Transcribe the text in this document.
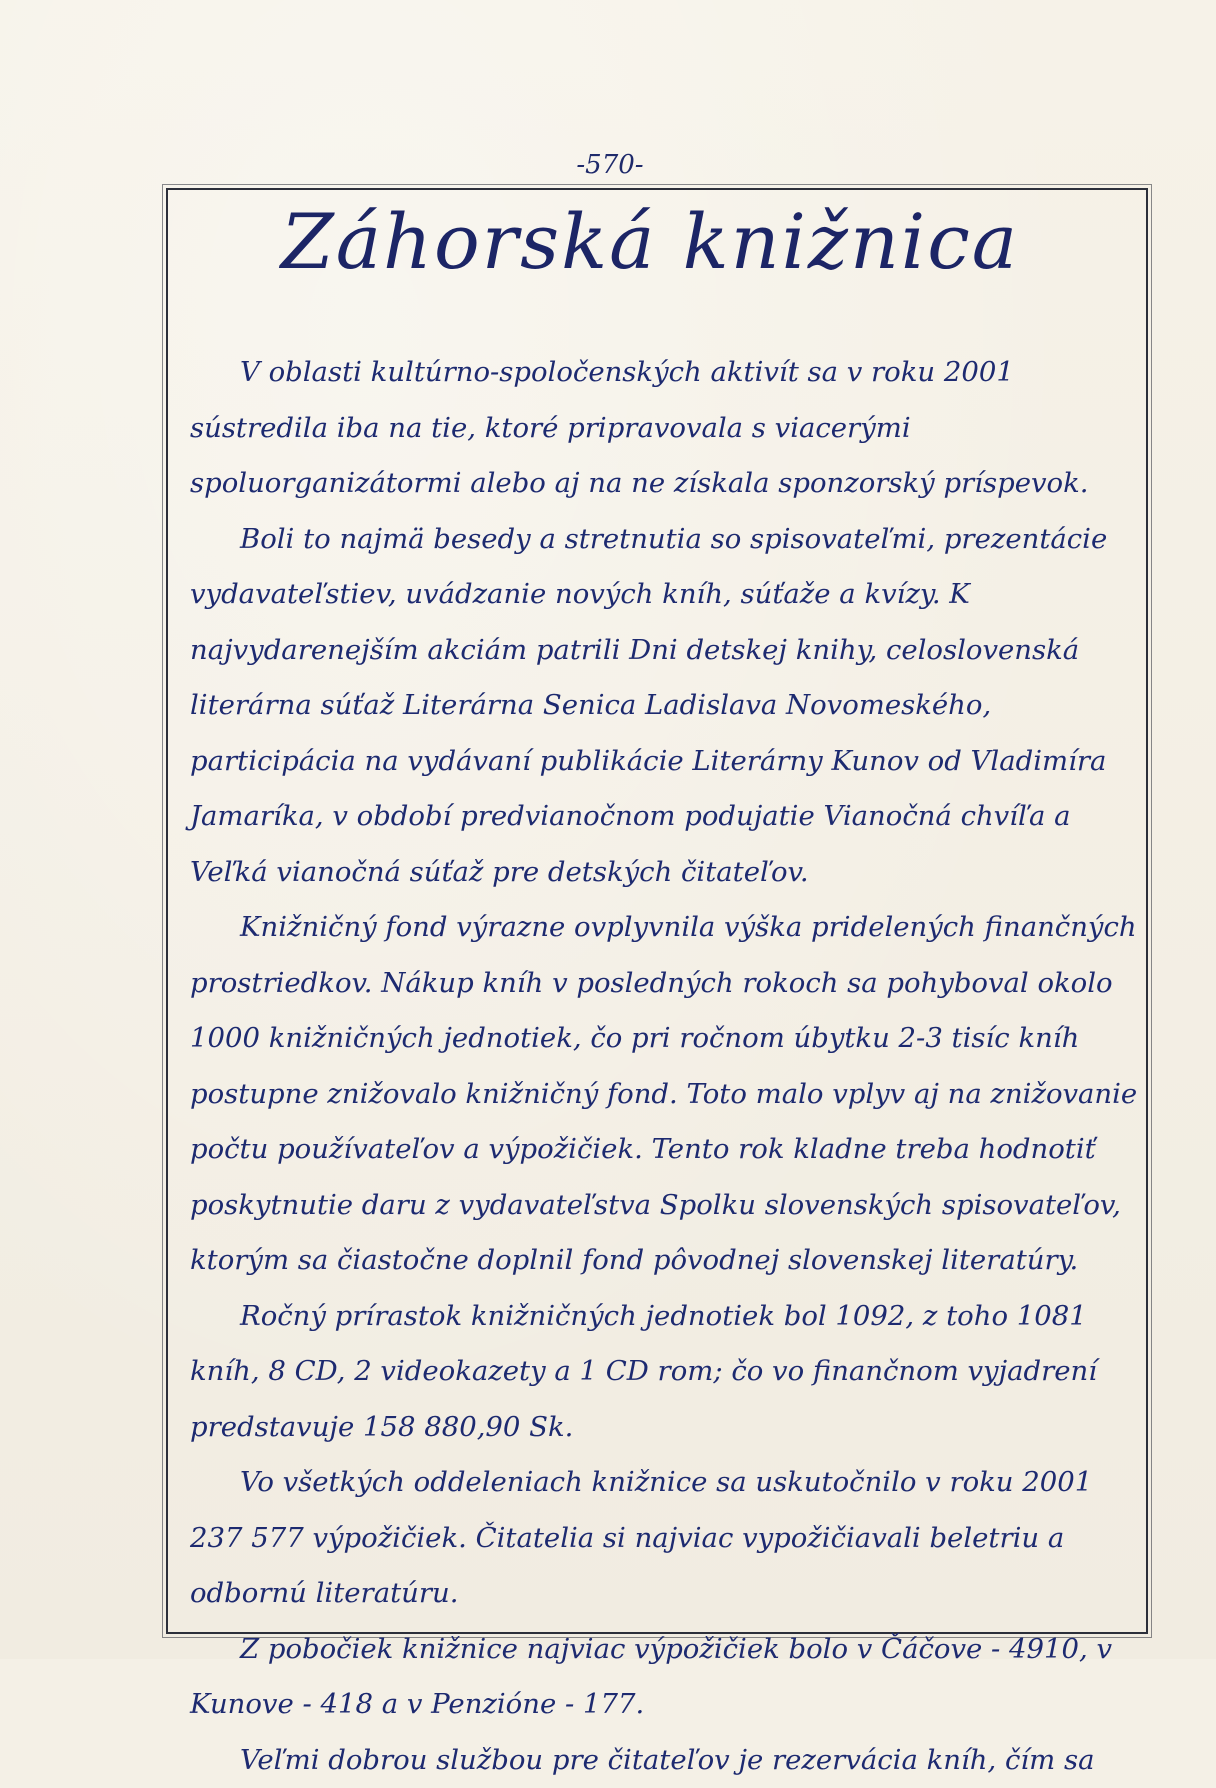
-570-
Záhorská knižnica

V oblasti kultúrno-spoločenských aktivít sa v roku 2001 sústredila iba na tie, ktoré pripravovala s viacerými spoluorganizátormi alebo aj na ne získala sponzorský príspevok.

Boli to najmä besedy a stretnutia so spisovateľmi, prezentácie vydavateľstiev, uvádzanie nových kníh, súťaže a kvízy. K najvydarenejším akciám patrili Dni detskej knihy, celoslovenská literárna súťaž Literárna Senica Ladislava Novomeského, participácia na vydávaní publikácie Literárny Kunov od Vladimíra Jamaríka, v období predvianočnom podujatie Vianočná chvíľa a Veľká vianočná súťaž pre detských čitateľov.

Knižničný fond výrazne ovplyvnila výška pridelených finančných prostriedkov. Nákup kníh v posledných rokoch sa pohyboval okolo 1000 knižničných jednotiek, čo pri ročnom úbytku 2-3 tisíc kníh postupne znižovalo knižničný fond. Toto malo vplyv aj na znižovanie počtu používateľov a výpožičiek. Tento rok kladne treba hodnotiť poskytnutie daru z vydavateľstva Spolku slovenských spisovateľov, ktorým sa čiastočne doplnil fond pôvodnej slovenskej literatúry.

Ročný prírastok knižničných jednotiek bol 1092, z toho 1081 kníh, 8 CD, 2 videokazety a 1 CD rom; čo vo finančnom vyjadrení predstavuje 158 880,90 Sk.

Vo všetkých oddeleniach knižnice sa uskutočnilo v roku 2001 237 577 výpožičiek. Čitatelia si najviac vypožičiavali beletriu a odbornú literatúru.

Z pobočiek knižnice najviac výpožičiek bolo v Čáčove - 4910, v Kunove - 418 a v Penzióne - 177.

Veľmi dobrou službou pre čitateľov je rezervácia kníh, čím sa
